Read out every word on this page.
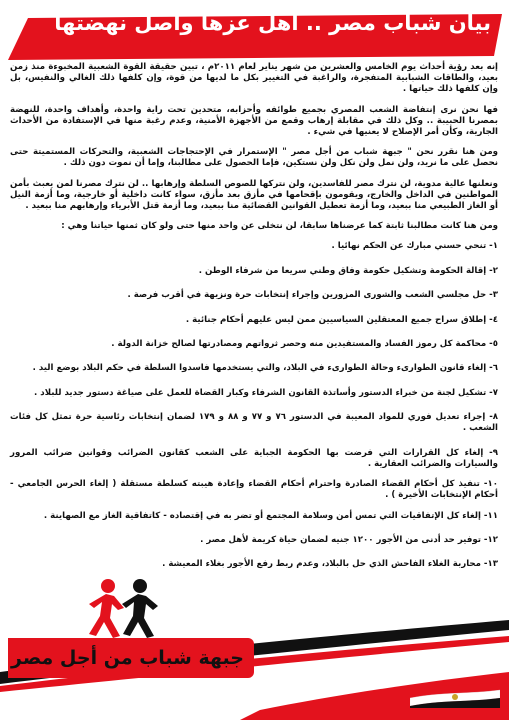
بيان شباب مصر .. أهل عزها وأصل نهضتها

إنه بعد رؤية أحداث يوم الخامس والعشرين من شهر يناير لعام ٢٠١١م ، تبين حقيقة القوة الشعبية المخبوءة منذ زمن بعيد، والطاقات الشبابية المتفجرة، والراغبة في التغيير بكل ما لديها من قوة، وإن كلفها ذلك الغالي والنفيس، بل وإن كلفها ذلك حياتها .

فها نحن نرى إنتفاضة الشعب المصري بجميع طوائفه وأحزابه، متحدين تحت راية واحدة، وأهداف واحدة، للنهضة بمصرنا الحبيبة .. وكل ذلك في مقابلة إرهاب وقمع من الأجهزة الأمنية، وعدم رغبة منها في الإستفادة من الأحداث الجارية، وكأن أمر الإصلاح لا يعنيها في شيء .

ومن هنا نقرر نحن " جبهة شباب من أجل مصر " الإستمرار في الإحتجاجات الشعبية، والتحركات المستميتة حتى نحصل على ما نريد، ولن نمل ولن نكل ولن نستكين، فإما الحصول على مطالبنا، وإما أن نموت دون ذلك .

ونعلنها عالية مدوية، لن نترك مصر للفاسدين، ولن نتركها للصوص السلطة وإرهابها .. لن نترك مصرنا لمن يعبث بأمن المواطنين في الداخل والخارج، ويقومون بإقحامها في مأزق بعد مأزق، سواء كانت داخلية أو خارجية، وما أزمة النيل أو الغاز الطبيعي منا ببعيد، وما أزمة تعطيل القوانين القضائية منا ببعيد، وما أزمة قتل الأبرياء وإرهابهم منا ببعيد .

ومن هنا كانت مطالبنا ثابتة كما عرضناها سابقا، لن نتخلى عن واحد منها حتى ولو كان ثمنها حياتنا وهي :

١- تنحي حسني مبارك عن الحكم نهائيا .
٢- إقالة الحكومة وتشكيل حكومة وفاق وطني سريعا من شرفاء الوطن .
٣- حل مجلسي الشعب والشورى المزورين وإجراء إنتخابات حرة ونزيهة في أقرب فرصة .
٤- إطلاق سراح جميع المعتقلين السياسيين ممن ليس عليهم أحكام جنائية .
٥- محاكمة كل رموز الفساد والمستفيدين منه وحصر ثرواتهم ومصادرتها لصالح خزانة الدولة .
٦- إلغاء قانون الطوارىء وحالة الطوارىء في البلاد، والتي يستخدمها فاسدوا السلطة في حكم البلاد بوضع اليد .
٧- تشكيل لجنة من خبراء الدستور وأساتذة القانون الشرفاء وكبار القضاة للعمل على صياغة دستور جديد للبلاد .
٨- إجراء تعديل فوري للمواد المعيبة في الدستور ٧٦ و ٧٧ و ٨٨ و ١٧٩ لضمان إنتخابات رئاسية حرة تمثل كل فئات الشعب .
٩- إلغاء كل القرارات التي فرضت بها الحكومة الجباية على الشعب كقانون الضرائب وقوانين ضرائب المرور والسيارات والضرائب العقارية .
١٠- تنفيذ كل أحكام القضاء الصادرة واحترام أحكام القضاء وإعادة هيبته كسلطة مستقلة ( إلغاء الحرس الجامعي - أحكام الإنتخابات الأخيرة ) .
١١- إلغاء كل الإتفاقيات التي تمس أمن وسلامة المجتمع أو تضر به في إقتصاده - كاتفاقية الغاز مع الصهاينة .
١٢- توفير حد أدنى من الأجور ١٢٠٠ جنيه لضمان حياة كريمة لأهل مصر .
١٣- محاربة الغلاء الفاحش الذي حل بالبلاد، وعدم ربط رفع الأجور بغلاء المعيشة .
جبهة شباب من أجل مصر
